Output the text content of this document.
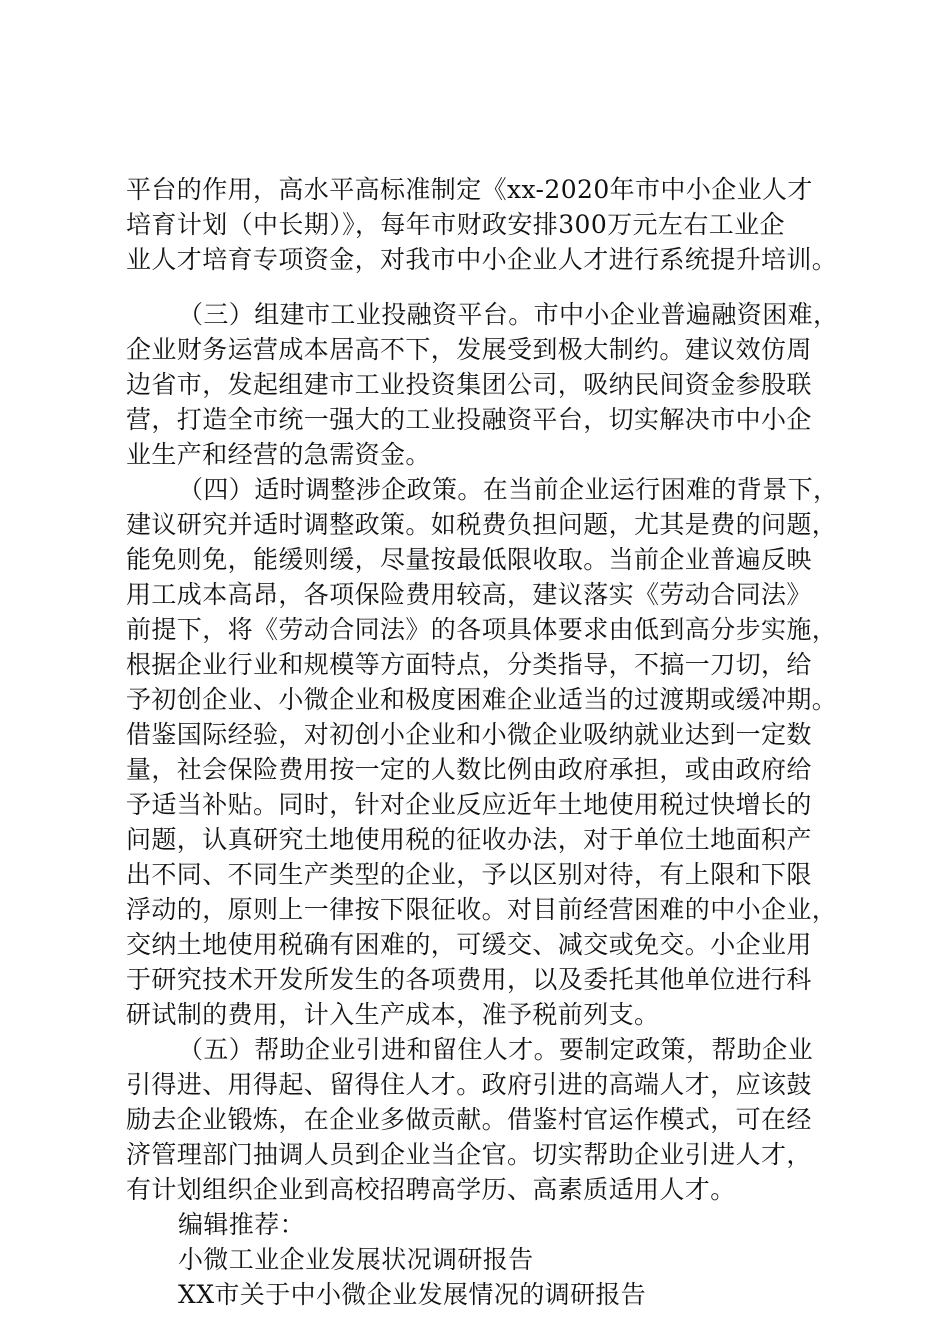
平台的作用，高水平高标准制定《xx-2020年市中小企业人才
培育计划（中长期）》，每年市财政安排300万元左右工业企
业人才培育专项资金，对我市中小企业人才进行系统提升培训。
（三）组建市工业投融资平台。市中小企业普遍融资困难，
企业财务运营成本居高不下，发展受到极大制约。建议效仿周
边省市，发起组建市工业投资集团公司，吸纳民间资金参股联
营，打造全市统一强大的工业投融资平台，切实解决市中小企
业生产和经营的急需资金。
（四）适时调整涉企政策。在当前企业运行困难的背景下，
建议研究并适时调整政策。如税费负担问题，尤其是费的问题，
能免则免，能缓则缓，尽量按最低限收取。当前企业普遍反映
用工成本高昂，各项保险费用较高，建议落实《劳动合同法》
前提下，将《劳动合同法》的各项具体要求由低到高分步实施，
根据企业行业和规模等方面特点，分类指导，不搞一刀切，给
予初创企业、小微企业和极度困难企业适当的过渡期或缓冲期。
借鉴国际经验，对初创小企业和小微企业吸纳就业达到一定数
量，社会保险费用按一定的人数比例由政府承担，或由政府给
予适当补贴。同时，针对企业反应近年土地使用税过快增长的
问题，认真研究土地使用税的征收办法，对于单位土地面积产
出不同、不同生产类型的企业，予以区别对待，有上限和下限
浮动的，原则上一律按下限征收。对目前经营困难的中小企业，
交纳土地使用税确有困难的，可缓交、减交或免交。小企业用
于研究技术开发所发生的各项费用，以及委托其他单位进行科
研试制的费用，计入生产成本，准予税前列支。
（五）帮助企业引进和留住人才。要制定政策，帮助企业
引得进、用得起、留得住人才。政府引进的高端人才，应该鼓
励去企业锻炼，在企业多做贡献。借鉴村官运作模式，可在经
济管理部门抽调人员到企业当企官。切实帮助企业引进人才，
有计划组织企业到高校招聘高学历、高素质适用人才。
编辑推荐：
小微工业企业发展状况调研报告
XX市关于中小微企业发展情况的调研报告
